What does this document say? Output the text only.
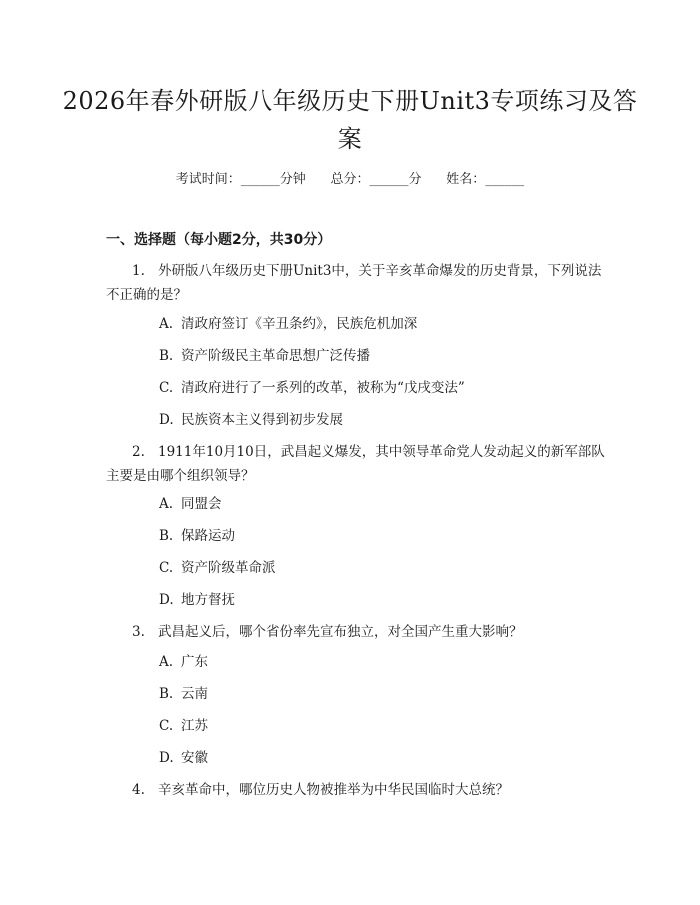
2026年春外研版八年级历史下册Unit3专项练习及答案
考试时间：______分钟      总分：______分      姓名：______
一、选择题（每小题2分，共30分）
1. 外研版八年级历史下册Unit3中，关于辛亥革命爆发的历史背景，下列说法不正确的是？
A. 清政府签订《辛丑条约》，民族危机加深
B. 资产阶级民主革命思想广泛传播
C. 清政府进行了一系列的改革，被称为“戊戌变法”
D. 民族资本主义得到初步发展
2. 1911年10月10日，武昌起义爆发，其中领导革命党人发动起义的新军部队主要是由哪个组织领导？
A. 同盟会
B. 保路运动
C. 资产阶级革命派
D. 地方督抚
3. 武昌起义后，哪个省份率先宣布独立，对全国产生重大影响？
A. 广东
B. 云南
C. 江苏
D. 安徽
4. 辛亥革命中，哪位历史人物被推举为中华民国临时大总统？
